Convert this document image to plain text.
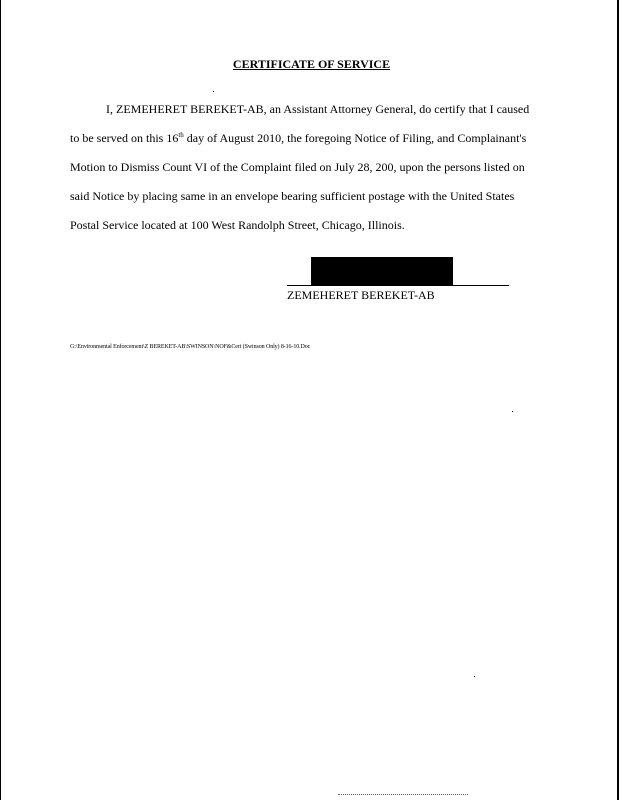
CERTIFICATE OF SERVICE
I, ZEMEHERET BEREKET-AB, an Assistant Attorney General, do certify that I caused
to be served on this 16th day of August 2010, the foregoing Notice of Filing, and Complainant's
Motion to Dismiss Count VI of the Complaint filed on July 28, 200, upon the persons listed on
said Notice by placing same in an envelope bearing sufficient postage with the United States
Postal Service located at 100 West Randolph Street, Chicago, Illinois.
ZEMEHERET BEREKET-AB
G:\Environmental Enforcement\Z BEREKET-AB\SWINSON\NOF&Cert (Swinson Only) 8-16-10.Doc
